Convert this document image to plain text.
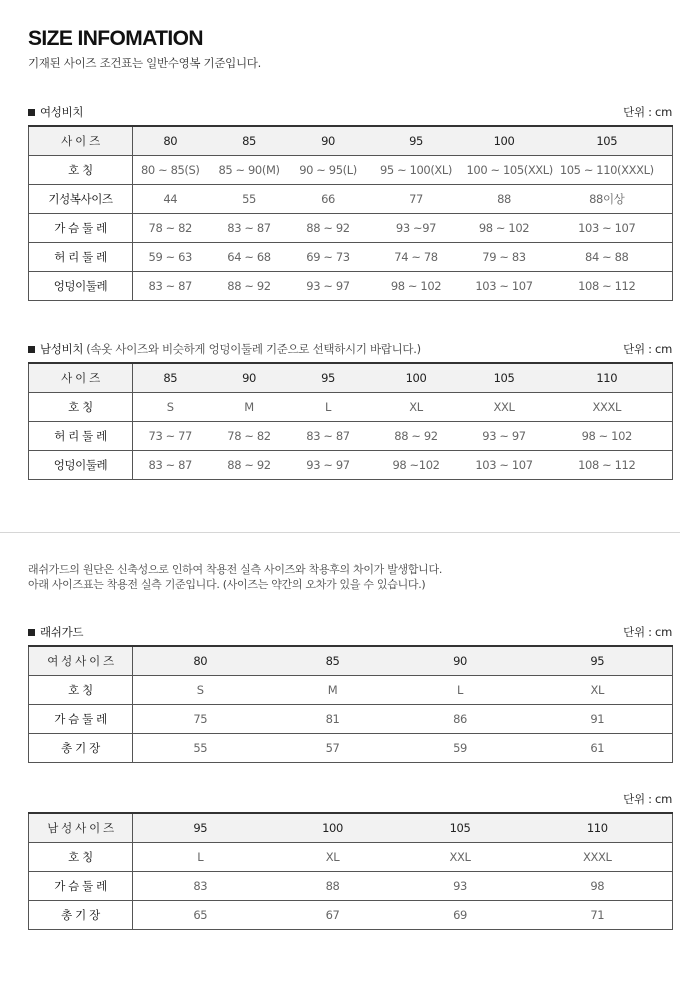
SIZE INFOMATION
기재된 사이즈 조건표는 일반수영복 기준입니다.
여성비치	단위 : cm
사 이 즈	80	85	90	95	100	105
호 칭	80 ~ 85(S)	85 ~ 90(M)	90 ~ 95(L)	95 ~ 100(XL)	100 ~ 105(XXL)	105 ~ 110(XXXL)
기성복사이즈	44	55	66	77	88	88이상
가 슴 둘 레	78 ~ 82	83 ~ 87	88 ~ 92	93 ~97	98 ~ 102	103 ~ 107
허 리 둘 레	59 ~ 63	64 ~ 68	69 ~ 73	74 ~ 78	79 ~ 83	84 ~ 88
엉덩이둘레	83 ~ 87	88 ~ 92	93 ~ 97	98 ~ 102	103 ~ 107	108 ~ 112
남성비치 (속옷 사이즈와 비슷하게 엉덩이둘레 기준으로 선택하시기 바랍니다.)	단위 : cm
사 이 즈	85	90	95	100	105	110
호 칭	S	M	L	XL	XXL	XXXL
허 리 둘 레	73 ~ 77	78 ~ 82	83 ~ 87	88 ~ 92	93 ~ 97	98 ~ 102
엉덩이둘레	83 ~ 87	88 ~ 92	93 ~ 97	98 ~102	103 ~ 107	108 ~ 112
래쉬가드의 원단은 신축성으로 인하여 착용전 실측 사이즈와 착용후의 차이가 발생합니다.
아래 사이즈표는 착용전 실측 기준입니다. (사이즈는 약간의 오차가 있을 수 있습니다.)
래쉬가드	단위 : cm
여 성 사 이 즈	80	85	90	95
호 칭	S	M	L	XL
가 슴 둘 레	75	81	86	91
총 기 장	55	57	59	61
단위 : cm
남 성 사 이 즈	95	100	105	110
호 칭	L	XL	XXL	XXXL
가 슴 둘 레	83	88	93	98
총 기 장	65	67	69	71
